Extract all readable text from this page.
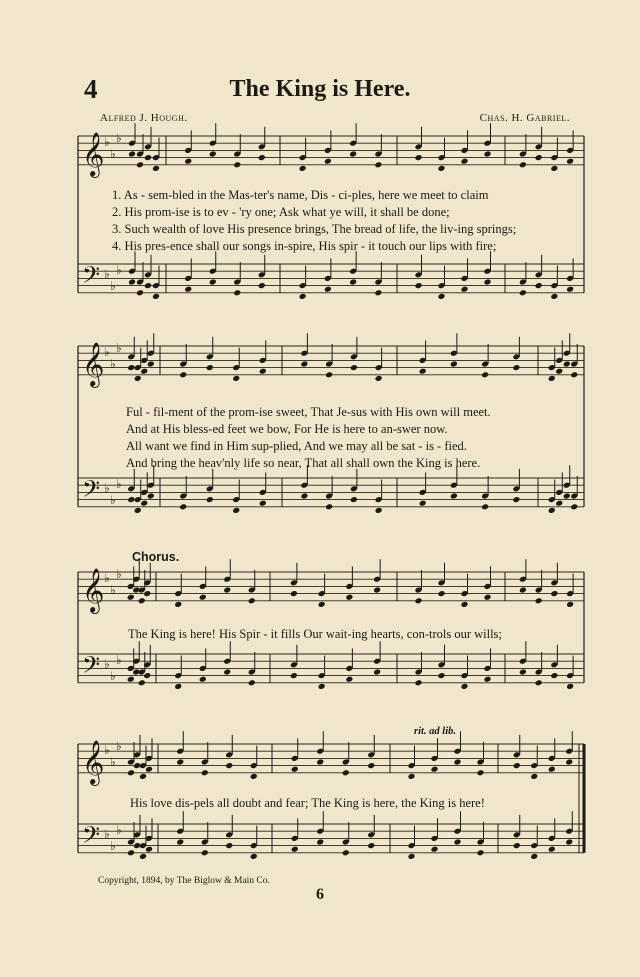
4	The King is Here.
Alfred J. Hough.	Chas. H. Gabriel.
𝄞 ♭
♭
♭
𝄢 ♭
♭
♭
𝄞 ♭
♭
♭
𝄢 ♭
♭
♭
𝄞 ♭
♭
♭
𝄢 ♭
♭
♭
𝄞 ♭
♭
♭
𝄢 ♭
♭
♭
1. As - sem-bled in the Mas-ter's name, Dis - ci-ples, here we meet to claim
2. His prom-ise is to ev - 'ry one; Ask what ye will, it shall be done;
3. Such wealth of love His presence brings, The bread of life, the liv-ing springs;
4. His pres-ence shall our songs in-spire, His spir - it touch our lips with fire;
Ful - fil-ment of the prom-ise sweet, That Je-sus with His own will meet.
And at His bless-ed feet we bow, For He is here to an-swer now.
All want we find in Him sup-plied, And we may all be sat - is - fied.
And bring the heav'nly life so near, That all shall own the King is here.
Chorus.
The King is here! His Spir - it fills Our wait-ing hearts, con-trols our wills;
rit. ad lib.
His love dis-pels all doubt and fear; The King is here, the King is here!
Copyright, 1894, by The Biglow & Main Co.
6
